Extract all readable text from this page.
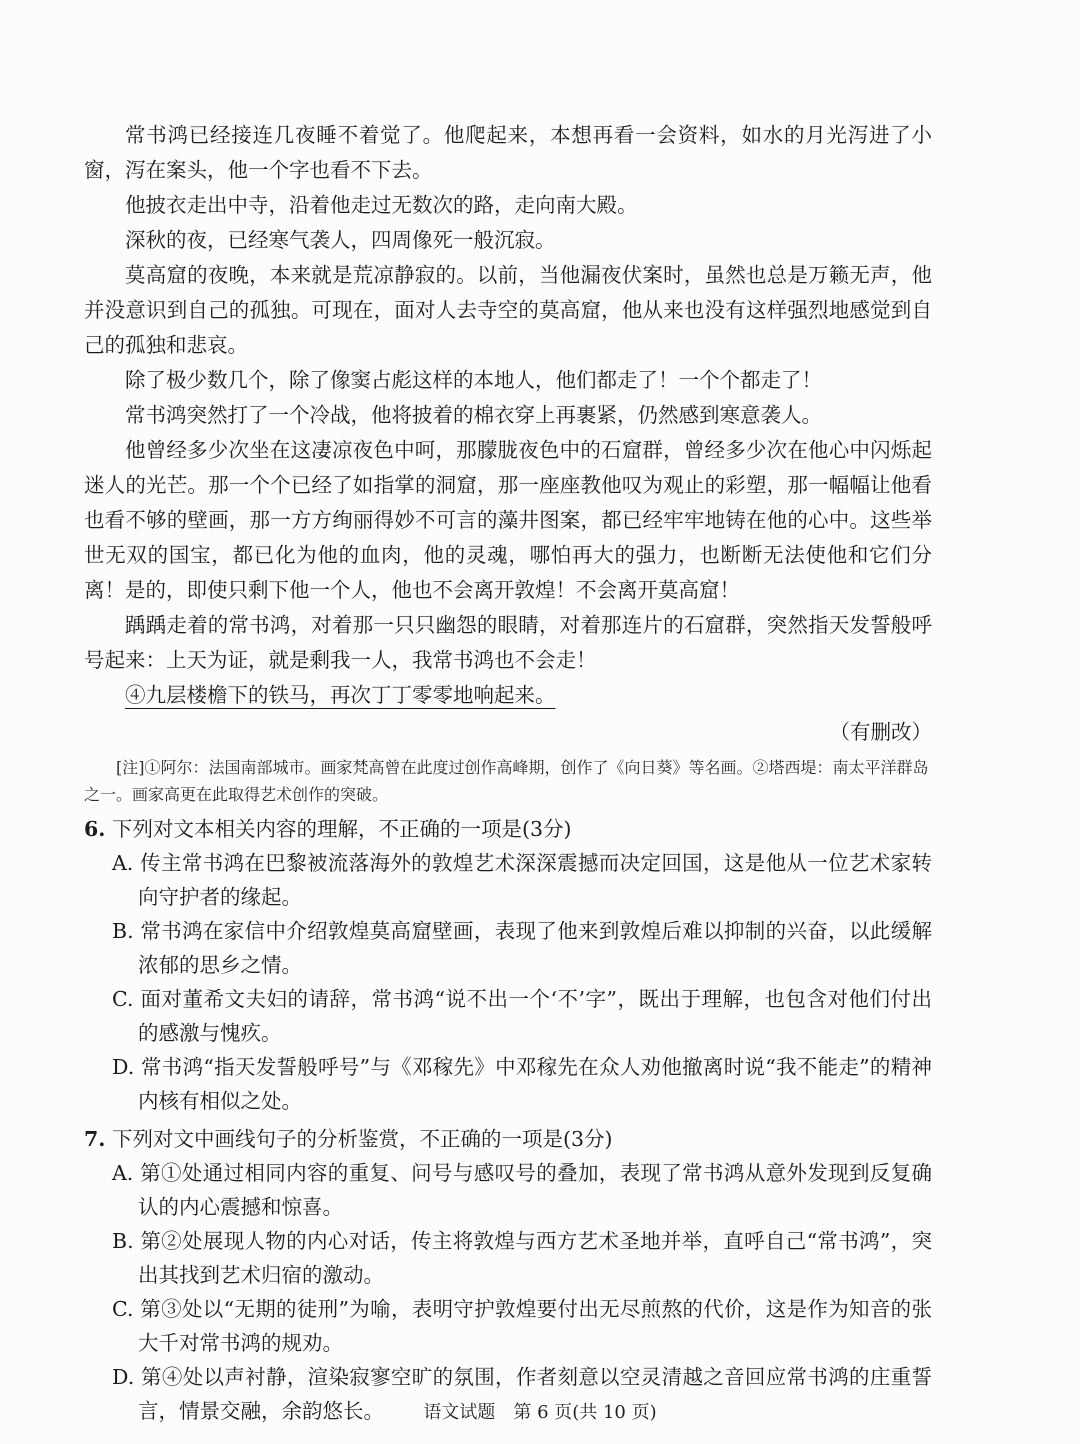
常书鸿已经接连几夜睡不着觉了。他爬起来，本想再看一会资料，如水的月光泻进了小窗，泻在案头，他一个字也看不下去。

他披衣走出中寺，沿着他走过无数次的路，走向南大殿。

深秋的夜，已经寒气袭人，四周像死一般沉寂。

莫高窟的夜晚，本来就是荒凉静寂的。以前，当他漏夜伏案时，虽然也总是万籁无声，他并没意识到自己的孤独。可现在，面对人去寺空的莫高窟，他从来也没有这样强烈地感觉到自己的孤独和悲哀。

除了极少数几个，除了像窦占彪这样的本地人，他们都走了！一个个都走了！

常书鸿突然打了一个冷战，他将披着的棉衣穿上再裹紧，仍然感到寒意袭人。

他曾经多少次坐在这凄凉夜色中呵，那朦胧夜色中的石窟群，曾经多少次在他心中闪烁起迷人的光芒。那一个个已经了如指掌的洞窟，那一座座教他叹为观止的彩塑，那一幅幅让他看也看不够的壁画，那一方方绚丽得妙不可言的藻井图案，都已经牢牢地铸在他的心中。这些举世无双的国宝，都已化为他的血肉，他的灵魂，哪怕再大的强力，也断断无法使他和它们分离！是的，即使只剩下他一个人，他也不会离开敦煌！不会离开莫高窟！

踽踽走着的常书鸿，对着那一只只幽怨的眼睛，对着那连片的石窟群，突然指天发誓般呼号起来：上天为证，就是剩我一人，我常书鸿也不会走！

④九层楼檐下的铁马，再次丁丁零零地响起来。

（有删改）

[注]①阿尔：法国南部城市。画家梵高曾在此度过创作高峰期，创作了《向日葵》等名画。②塔西堤：南太平洋群岛之一。画家高更在此取得艺术创作的突破。

6. 下列对文本相关内容的理解，不正确的一项是(3分)

A. 传主常书鸿在巴黎被流落海外的敦煌艺术深深震撼而决定回国，这是他从一位艺术家转向守护者的缘起。

B. 常书鸿在家信中介绍敦煌莫高窟壁画，表现了他来到敦煌后难以抑制的兴奋，以此缓解浓郁的思乡之情。

C. 面对董希文夫妇的请辞，常书鸿“说不出一个‘不’字”，既出于理解，也包含对他们付出的感激与愧疚。

D. 常书鸿“指天发誓般呼号”与《邓稼先》中邓稼先在众人劝他撤离时说“我不能走”的精神内核有相似之处。

7. 下列对文中画线句子的分析鉴赏，不正确的一项是(3分)

A. 第①处通过相同内容的重复、问号与感叹号的叠加，表现了常书鸿从意外发现到反复确认的内心震撼和惊喜。

B. 第②处展现人物的内心对话，传主将敦煌与西方艺术圣地并举，直呼自己“常书鸿”，突出其找到艺术归宿的激动。

C. 第③处以“无期的徒刑”为喻，表明守护敦煌要付出无尽煎熬的代价，这是作为知音的张大千对常书鸿的规劝。

D. 第④处以声衬静，渲染寂寥空旷的氛围，作者刻意以空灵清越之音回应常书鸿的庄重誓言，情景交融，余韵悠长。	语文试题　第 6 页(共 10 页)
